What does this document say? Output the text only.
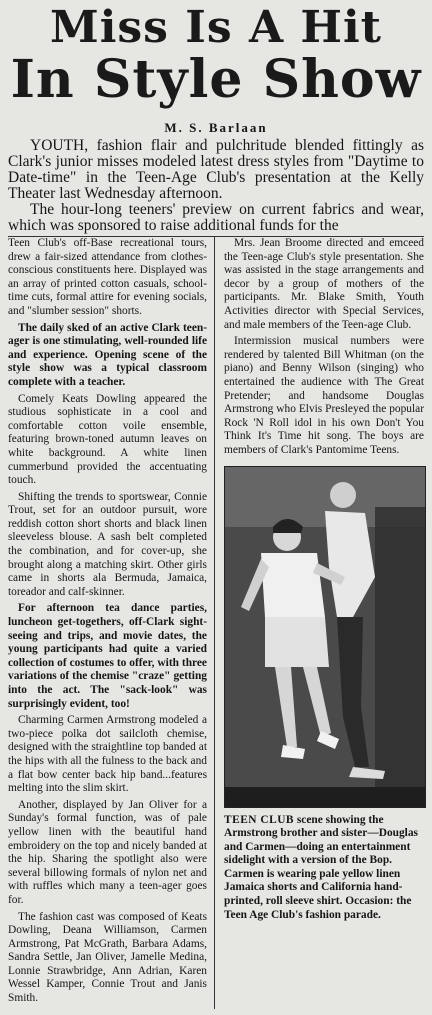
Miss Is A Hit
In Style Show
M. S. Barlaan

YOUTH, fashion flair and pulchritude blended fittingly as Clark's junior misses modeled latest dress styles from "Daytime to Date-time" in the Teen-Age Club's presentation at the Kelly Theater last Wednesday afternoon.

The hour-long teeners' preview on current fabrics and wear, which was sponsored to raise additional funds for the

Teen Club's off-Base recreational tours, drew a fair-sized attendance from clothes-conscious constituents here. Displayed was an array of printed cotton casuals, school-time cuts, formal attire for evening socials, and "slumber session" shorts.

The daily sked of an active Clark teen-ager is one stimulating, well-rounded life and experience. Opening scene of the style show was a typical classroom complete with a teacher.

Comely Keats Dowling appeared the studious sophisticate in a cool and comfortable cotton voile ensemble, featuring brown-toned autumn leaves on white background. A white linen cummerbund provided the accentuating touch.

Shifting the trends to sportswear, Connie Trout, set for an outdoor pursuit, wore reddish cotton short shorts and black linen sleeveless blouse. A sash belt completed the combination, and for cover-up, she brought along a matching skirt. Other girls came in shorts ala Bermuda, Jamaica, toreador and calf-skinner.

For afternoon tea dance parties, luncheon get-togethers, off-Clark sight-seeing and trips, and movie dates, the young participants had quite a varied collection of costumes to offer, with three variations of the chemise "craze" getting into the act. The "sack-look" was surprisingly evident, too!

Charming Carmen Armstrong modeled a two-piece polka dot sailcloth chemise, designed with the straightline top banded at the hips with all the fulness to the back and a flat bow center back hip band...features melting into the slim skirt.

Another, displayed by Jan Oliver for a Sunday's formal function, was of pale yellow linen with the beautiful hand embroidery on the top and nicely banded at the hip. Sharing the spotlight also were several billowing formals of nylon net and with ruffles which many a teen-ager goes for.

The fashion cast was composed of Keats Dowling, Deana Williamson, Carmen Armstrong, Pat McGrath, Barbara Adams, Sandra Settle, Jan Oliver, Jamelle Medina, Lonnie Strawbridge, Ann Adrian, Karen Wessel Kamper, Connie Trout and Janis Smith.

Mrs. Jean Broome directed and emceed the Teen-age Club's style presentation. She was assisted in the stage arrangements and decor by a group of mothers of the participants. Mr. Blake Smith, Youth Activities director with Special Services, and male members of the Teen-age Club.

Intermission musical numbers were rendered by talented Bill Whitman (on the piano) and Benny Wilson (singing) who entertained the audience with The Great Pretender; and handsome Douglas Armstrong who Elvis Presleyed the popular Rock 'N Roll idol in his own Don't You Think It's Time hit song. The boys are members of Clark's Pantomime Teens.

TEEN CLUB scene showing the Armstrong brother and sister—Douglas and Carmen—doing an entertainment sidelight with a version of the Bop. Carmen is wearing pale yellow linen Jamaica shorts and California hand-printed, roll sleeve shirt. Occasion: the Teen Age Club's fashion parade.
